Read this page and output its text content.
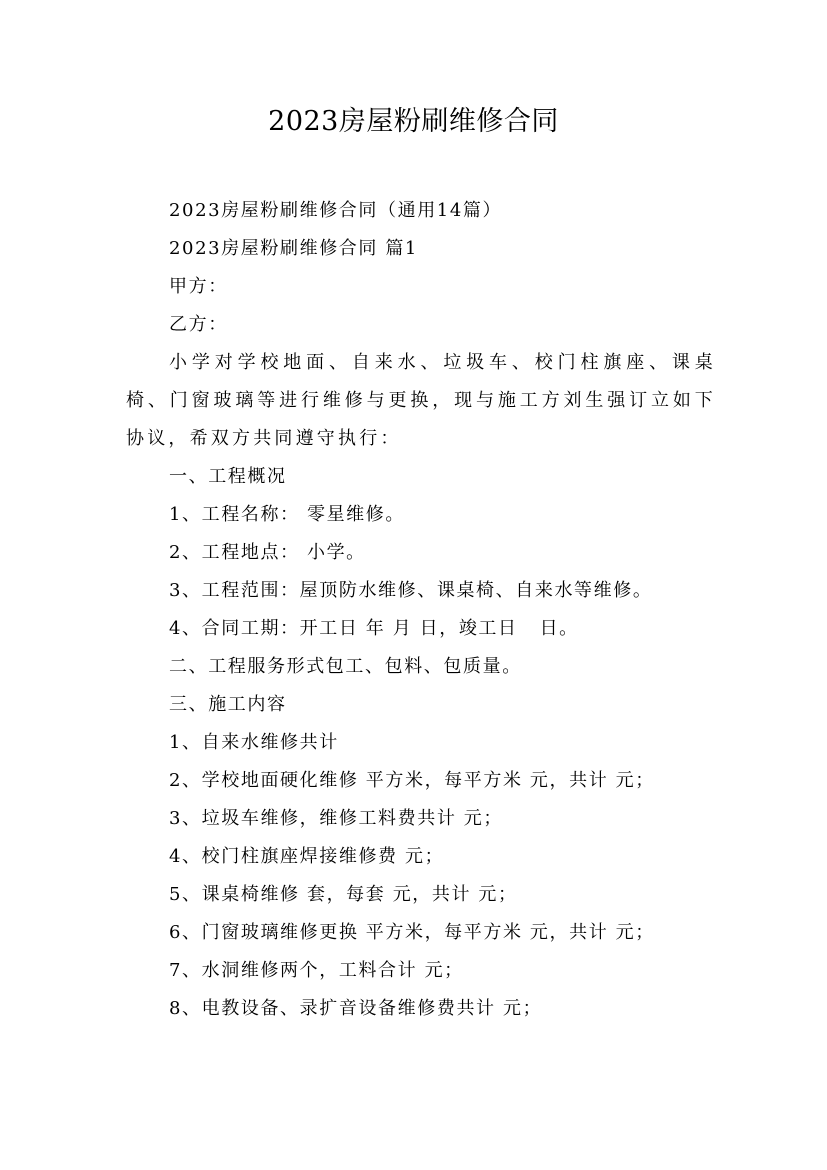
2023房屋粉刷维修合同

2023房屋粉刷维修合同（通用14篇）

2023房屋粉刷维修合同 篇1

甲方：

乙方：

小学对学校地面、自来水、垃圾车、校门柱旗座、课桌椅、门窗玻璃等进行维修与更换，现与施工方刘生强订立如下协议，希双方共同遵守执行：

一、工程概况

1、工程名称： 零星维修。

2、工程地点： 小学。

3、工程范围：屋顶防水维修、课桌椅、自来水等维修。

4、合同工期：开工日 年 月 日，竣工日   日。

二、工程服务形式包工、包料、包质量。

三、施工内容

1、自来水维修共计

2、学校地面硬化维修 平方米，每平方米 元，共计 元；

3、垃圾车维修，维修工料费共计 元；

4、校门柱旗座焊接维修费 元；

5、课桌椅维修 套，每套 元，共计 元；

6、门窗玻璃维修更换 平方米，每平方米 元，共计 元；

7、水洞维修两个，工料合计 元；

8、电教设备、录扩音设备维修费共计 元；
